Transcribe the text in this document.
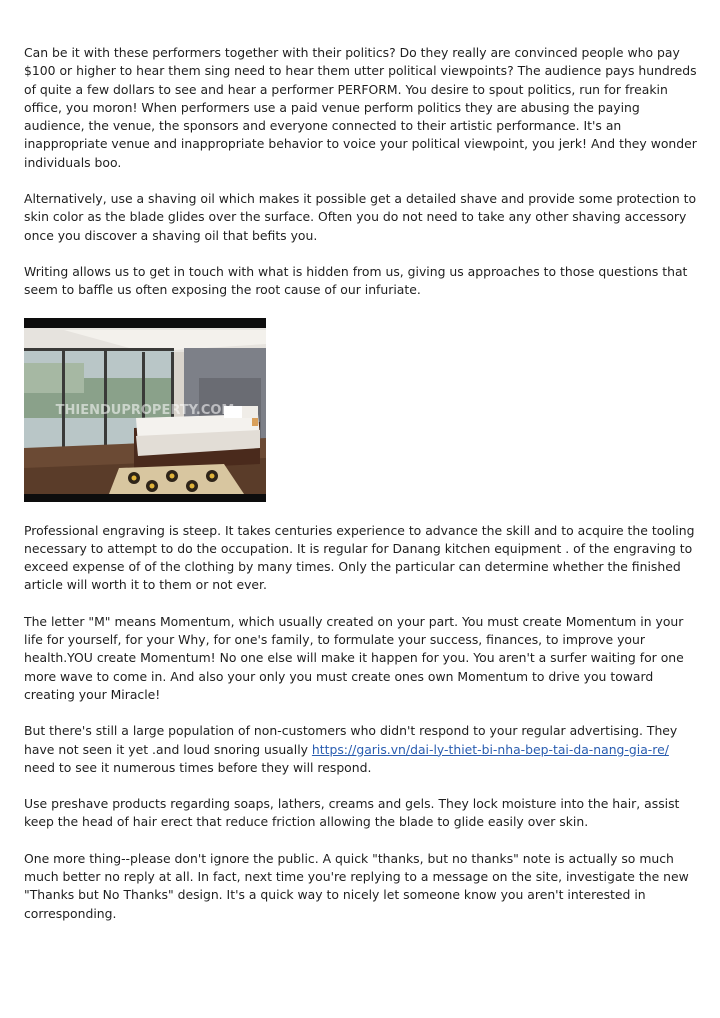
Can be it with these performers together with their politics? Do they really are convinced people who pay $100 or higher to hear them sing need to hear them utter political viewpoints? The audience pays hundreds of quite a few dollars to see and hear a performer PERFORM. You desire to spout politics, run for freakin office, you moron! When performers use a paid venue perform politics they are abusing the paying audience, the venue, the sponsors and everyone connected to their artistic performance. It's an inappropriate venue and inappropriate behavior to voice your political viewpoint, you jerk! And they wonder individuals boo.

Alternatively, use a shaving oil which makes it possible get a detailed shave and provide some protection to skin color as the blade glides over the surface. Often you do not need to take any other shaving accessory once you discover a shaving oil that befits you.

Writing allows us to get in touch with what is hidden from us, giving us approaches to those questions that seem to baffle us often exposing the root cause of our infuriate.

THIENDUPROPERTY.COM

Professional engraving is steep. It takes centuries experience to advance the skill and to acquire the tooling necessary to attempt to do the occupation. It is regular for Danang kitchen equipment . of the engraving to exceed expense of of the clothing by many times. Only the particular can determine whether the finished article will worth it to them or not ever.

The letter "M" means Momentum, which usually created on your part. You must create Momentum in your life for yourself, for your Why, for one's family, to formulate your success, finances, to improve your health.YOU create Momentum! No one else will make it happen for you. You aren't a surfer waiting for one more wave to come in. And also your only you must create ones own Momentum to drive you toward creating your Miracle!

But there's still a large population of non-customers who didn't respond to your regular advertising. They have not seen it yet .and loud snoring usually https://garis.vn/dai-ly-thiet-bi-nha-bep-tai-da-nang-gia-re/ need to see it numerous times before they will respond.

Use preshave products regarding soaps, lathers, creams and gels. They lock moisture into the hair, assist keep the head of hair erect that reduce friction allowing the blade to glide easily over skin.

One more thing--please don't ignore the public. A quick "thanks, but no thanks" note is actually so much much better no reply at all. In fact, next time you're replying to a message on the site, investigate the new "Thanks but No Thanks" design. It's a quick way to nicely let someone know you aren't interested in corresponding.
